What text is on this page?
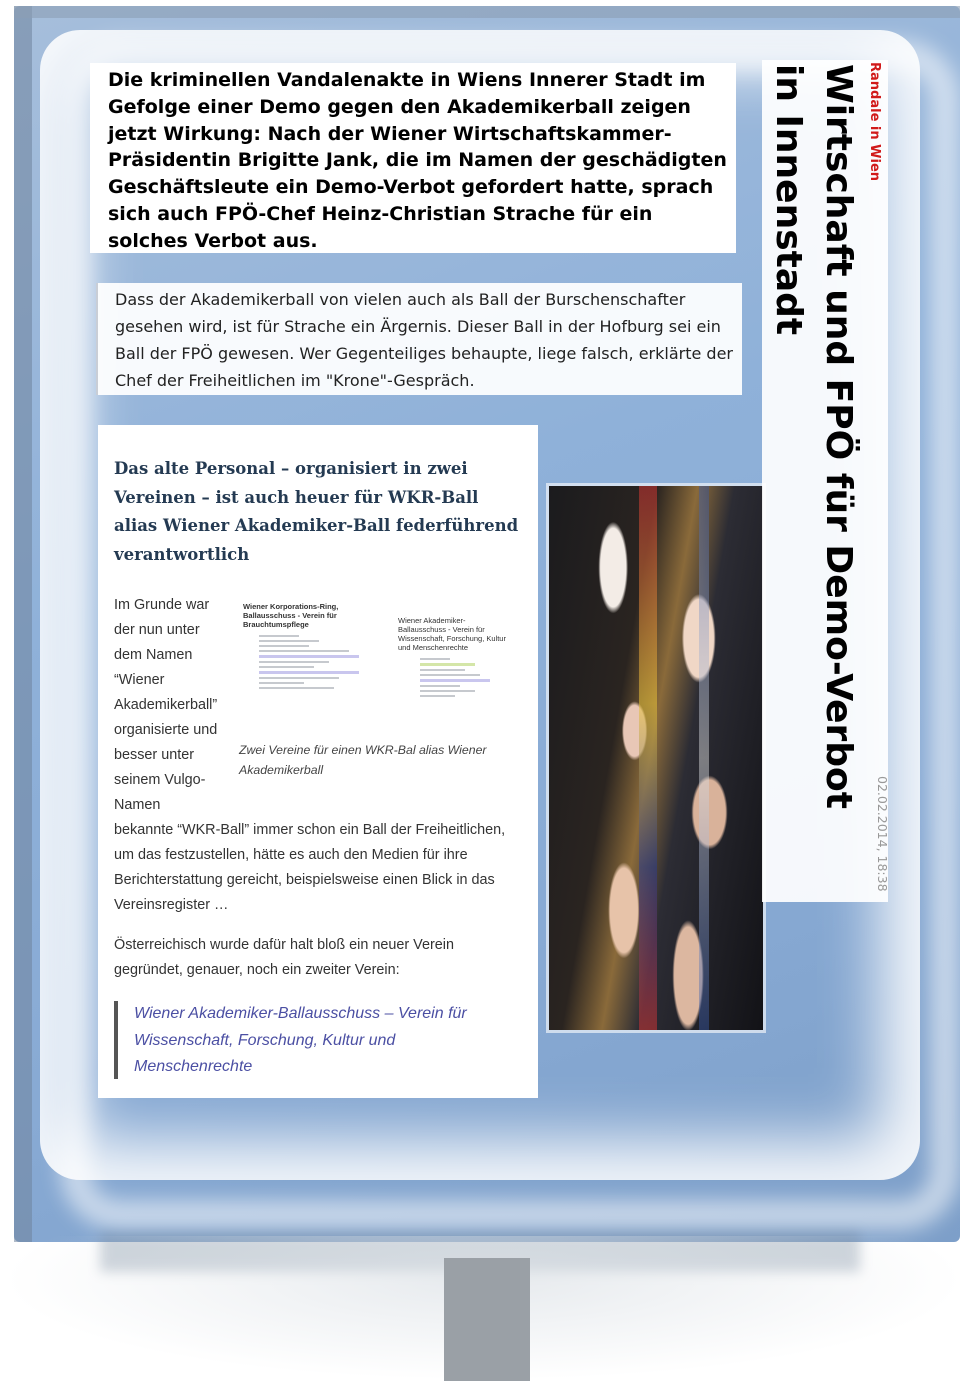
Die kriminellen Vandalenakte in Wiens Innerer Stadt im Gefolge einer Demo gegen den Akademikerball zeigen jetzt Wirkung: Nach der Wiener Wirtschaftskammer-Präsidentin Brigitte Jank, die im Namen der geschädigten Geschäftsleute ein Demo-Verbot gefordert hatte, sprach sich auch FPÖ-Chef Heinz-Christian Strache für ein solches Verbot aus.
Dass der Akademikerball von vielen auch als Ball der Burschenschafter gesehen wird, ist für Strache ein Ärgernis. Dieser Ball in der Hofburg sei ein Ball der FPÖ gewesen. Wer Gegenteiliges behaupte, liege falsch, erklärte der Chef der Freiheitlichen im "Krone"-Gespräch.
Das alte Personal – organisiert in zwei Vereinen – ist auch heuer für WKR-Ball alias Wiener Akademiker-Ball federführend verantwortlich
Im Grunde war der nun unter dem Namen “Wiener Akademikerball” organisierte und besser unter seinem Vulgo-Namen
Wiener Korporations-Ring, Ballausschuss - Verein für Brauchtumspflege	Wiener Akademiker-Ballausschuss - Verein für Wissenschaft, Forschung, Kultur und Menschenrechte
Zwei Vereine für einen WKR-Bal alias Wiener Akademikerball
bekannte “WKR-Ball” immer schon ein Ball der Freiheitlichen, um das festzustellen, hätte es auch den Medien für ihre Berichterstattung gereicht, beispielsweise einen Blick in das Vereinsregister …
Österreichisch wurde dafür halt bloß ein neuer Verein gegründet, genauer, noch ein zweiter Verein:
Wiener Akademiker-Ballausschuss – Verein für Wissenschaft, Forschung, Kultur und Menschenrechte
in Innenstadt Wirtschaft und FPÖ für Demo-Verbot Randale in Wien
02.02.2014, 18:38
